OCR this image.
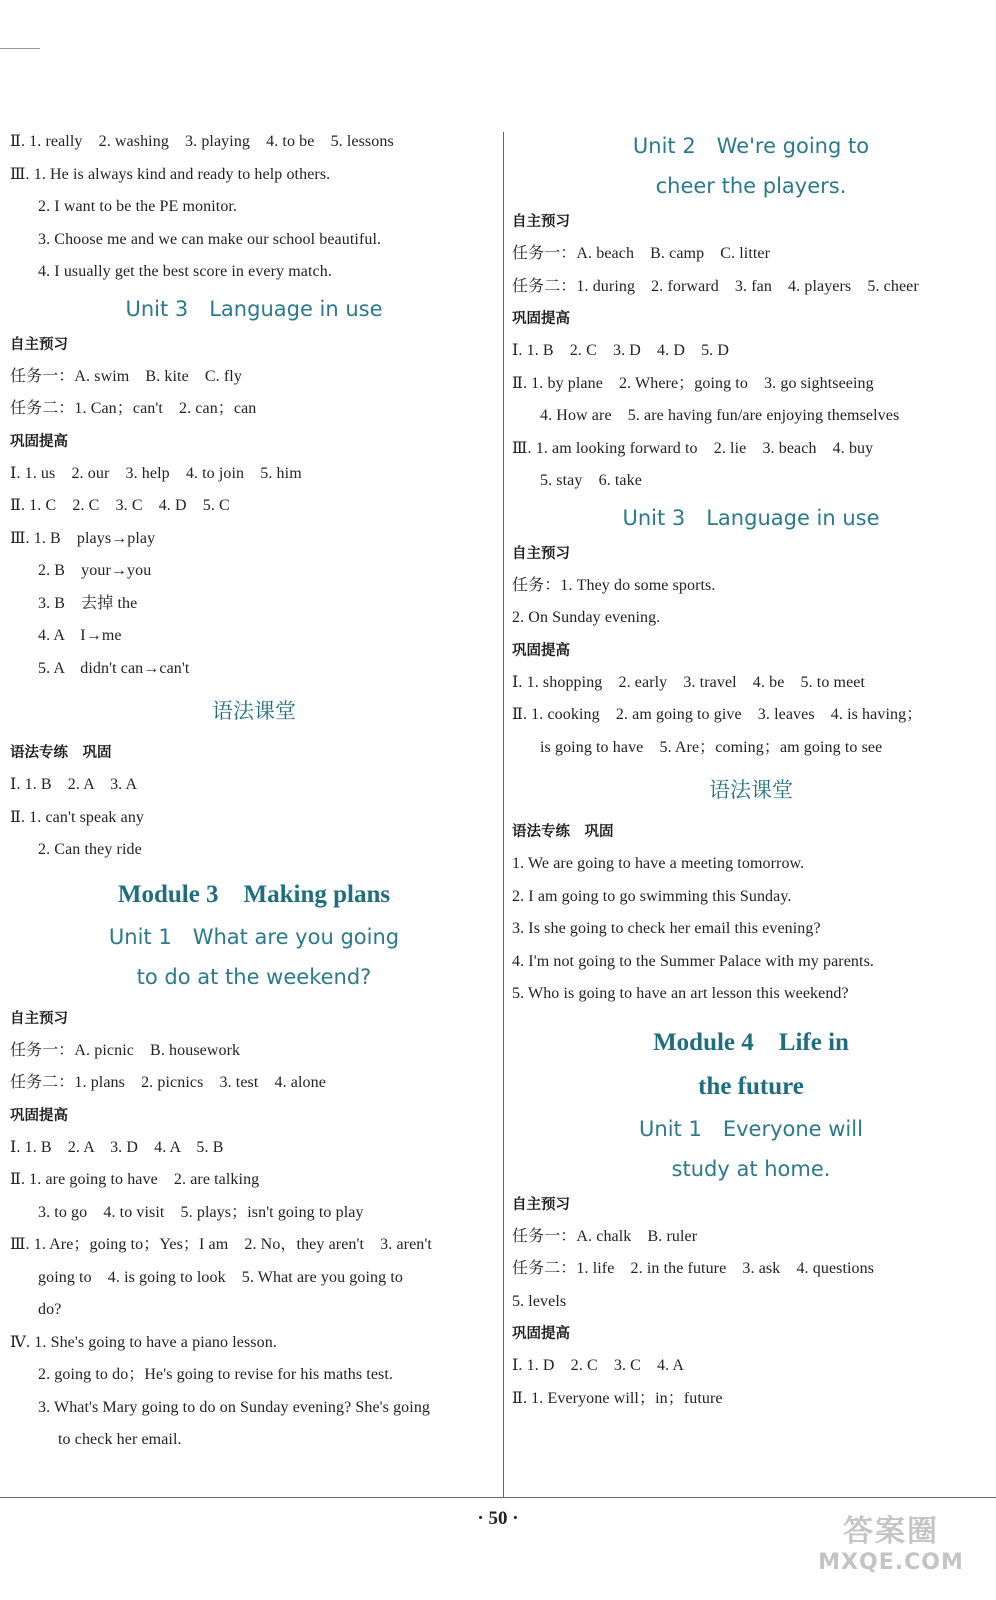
Ⅱ. 1. really　2. washing　3. playing　4. to be　5. lessons
Ⅲ. 1. He is always kind and ready to help others.
2. I want to be the PE monitor.
3. Choose me and we can make our school beautiful.
4. I usually get the best score in every match.
Unit 3　Language in use
自主预习
任务一：A. swim　B. kite　C. fly
任务二：1. Can；can't　2. can；can
巩固提高
Ⅰ. 1. us　2. our　3. help　4. to join　5. him
Ⅱ. 1. C　2. C　3. C　4. D　5. C
Ⅲ. 1. B　plays→play
2. B　your→you
3. B　去掉 the
4. A　I→me
5. A　didn't can→can't
语法课堂
语法专练　巩固
Ⅰ. 1. B　2. A　3. A
Ⅱ. 1. can't speak any
2. Can they ride
Module 3　Making plans
Unit 1　What are you going
to do at the weekend?
自主预习
任务一：A. picnic　B. housework
任务二：1. plans　2. picnics　3. test　4. alone
巩固提高
Ⅰ. 1. B　2. A　3. D　4. A　5. B
Ⅱ. 1. are going to have　2. are talking
3. to go　4. to visit　5. plays；isn't going to play
Ⅲ. 1. Are；going to；Yes；I am　2. No，they aren't　3. aren't
going to　4. is going to look　5. What are you going to
do?
Ⅳ. 1. She's going to have a piano lesson.
2. going to do；He's going to revise for his maths test.
3. What's Mary going to do on Sunday evening? She's going
to check her email.
Unit 2　We're going to
cheer the players.
自主预习
任务一：A. beach　B. camp　C. litter
任务二：1. during　2. forward　3. fan　4. players　5. cheer
巩固提高
Ⅰ. 1. B　2. C　3. D　4. D　5. D
Ⅱ. 1. by plane　2. Where；going to　3. go sightseeing
4. How are　5. are having fun/are enjoying themselves
Ⅲ. 1. am looking forward to　2. lie　3. beach　4. buy
5. stay　6. take
Unit 3　Language in use
自主预习
任务：1. They do some sports.
2. On Sunday evening.
巩固提高
Ⅰ. 1. shopping　2. early　3. travel　4. be　5. to meet
Ⅱ. 1. cooking　2. am going to give　3. leaves　4. is having；
is going to have　5. Are；coming；am going to see
语法课堂
语法专练　巩固
1. We are going to have a meeting tomorrow.
2. I am going to go swimming this Sunday.
3. Is she going to check her email this evening?
4. I'm not going to the Summer Palace with my parents.
5. Who is going to have an art lesson this weekend?
Module 4　Life in
the future
Unit 1　Everyone will
study at home.
自主预习
任务一：A. chalk　B. ruler
任务二：1. life　2. in the future　3. ask　4. questions
5. levels
巩固提高
Ⅰ. 1. D　2. C　3. C　4. A
Ⅱ. 1. Everyone will；in；future
· 50 ·	答案圈
MXQE.COM
